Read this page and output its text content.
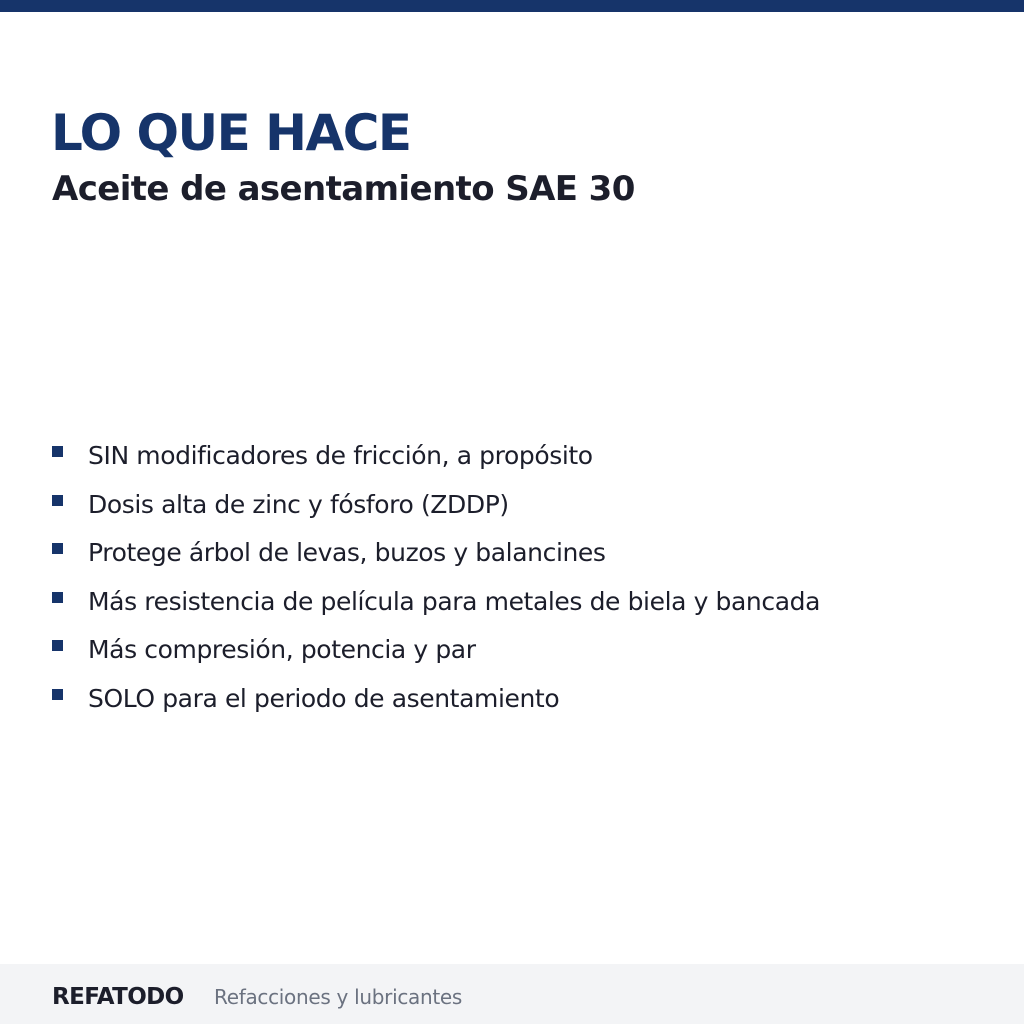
LO QUE HACE
Aceite de asentamiento SAE 30
SIN modificadores de fricción, a propósito
Dosis alta de zinc y fósforo (ZDDP)
Protege árbol de levas, buzos y balancines
Más resistencia de película para metales de biela y bancada
Más compresión, potencia y par
SOLO para el periodo de asentamiento
REFATODO Refacciones y lubricantes
